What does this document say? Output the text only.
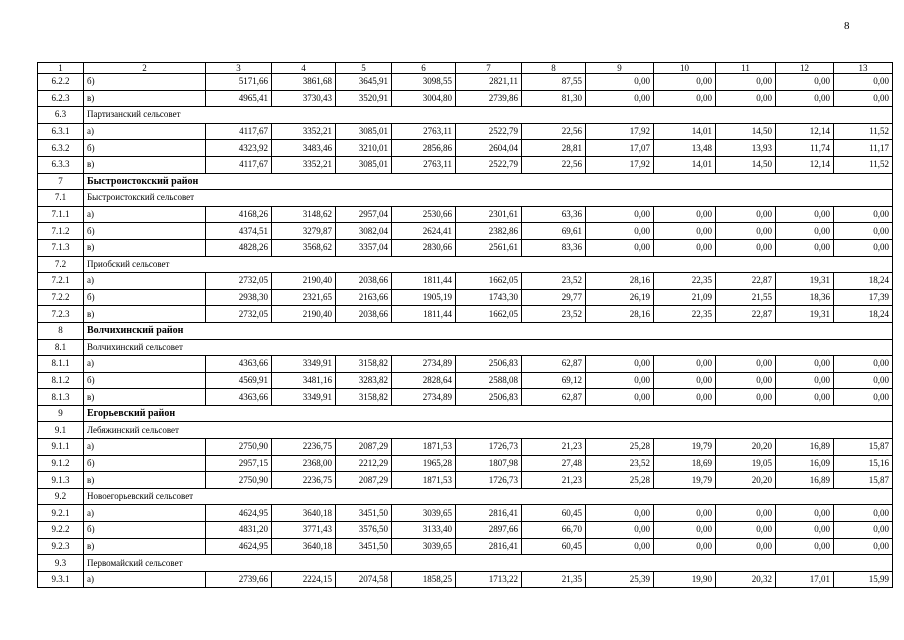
8
1	2	3	4	5	6	7	8	9	10	11	12	13
6.2.2	б)	5171,66	3861,68	3645,91	3098,55	2821,11	87,55	0,00	0,00	0,00	0,00	0,00
6.2.3	в)	4965,41	3730,43	3520,91	3004,80	2739,86	81,30	0,00	0,00	0,00	0,00	0,00
6.3	Партизанский сельсовет											
6.3.1	а)	4117,67	3352,21	3085,01	2763,11	2522,79	22,56	17,92	14,01	14,50	12,14	11,52
6.3.2	б)	4323,92	3483,46	3210,01	2856,86	2604,04	28,81	17,07	13,48	13,93	11,74	11,17
6.3.3	в)	4117,67	3352,21	3085,01	2763,11	2522,79	22,56	17,92	14,01	14,50	12,14	11,52
7	Быстроистокский район											
7.1	Быстроистокский сельсовет											
7.1.1	а)	4168,26	3148,62	2957,04	2530,66	2301,61	63,36	0,00	0,00	0,00	0,00	0,00
7.1.2	б)	4374,51	3279,87	3082,04	2624,41	2382,86	69,61	0,00	0,00	0,00	0,00	0,00
7.1.3	в)	4828,26	3568,62	3357,04	2830,66	2561,61	83,36	0,00	0,00	0,00	0,00	0,00
7.2	Приобский сельсовет											
7.2.1	а)	2732,05	2190,40	2038,66	1811,44	1662,05	23,52	28,16	22,35	22,87	19,31	18,24
7.2.2	б)	2938,30	2321,65	2163,66	1905,19	1743,30	29,77	26,19	21,09	21,55	18,36	17,39
7.2.3	в)	2732,05	2190,40	2038,66	1811,44	1662,05	23,52	28,16	22,35	22,87	19,31	18,24
8	Волчихинский район											
8.1	Волчихинский сельсовет											
8.1.1	а)	4363,66	3349,91	3158,82	2734,89	2506,83	62,87	0,00	0,00	0,00	0,00	0,00
8.1.2	б)	4569,91	3481,16	3283,82	2828,64	2588,08	69,12	0,00	0,00	0,00	0,00	0,00
8.1.3	в)	4363,66	3349,91	3158,82	2734,89	2506,83	62,87	0,00	0,00	0,00	0,00	0,00
9	Егорьевский район											
9.1	Лебяжинский сельсовет											
9.1.1	а)	2750,90	2236,75	2087,29	1871,53	1726,73	21,23	25,28	19,79	20,20	16,89	15,87
9.1.2	б)	2957,15	2368,00	2212,29	1965,28	1807,98	27,48	23,52	18,69	19,05	16,09	15,16
9.1.3	в)	2750,90	2236,75	2087,29	1871,53	1726,73	21,23	25,28	19,79	20,20	16,89	15,87
9.2	Новоегорьевский сельсовет											
9.2.1	а)	4624,95	3640,18	3451,50	3039,65	2816,41	60,45	0,00	0,00	0,00	0,00	0,00
9.2.2	б)	4831,20	3771,43	3576,50	3133,40	2897,66	66,70	0,00	0,00	0,00	0,00	0,00
9.2.3	в)	4624,95	3640,18	3451,50	3039,65	2816,41	60,45	0,00	0,00	0,00	0,00	0,00
9.3	Первомайский сельсовет											
9.3.1	а)	2739,66	2224,15	2074,58	1858,25	1713,22	21,35	25,39	19,90	20,32	17,01	15,99
